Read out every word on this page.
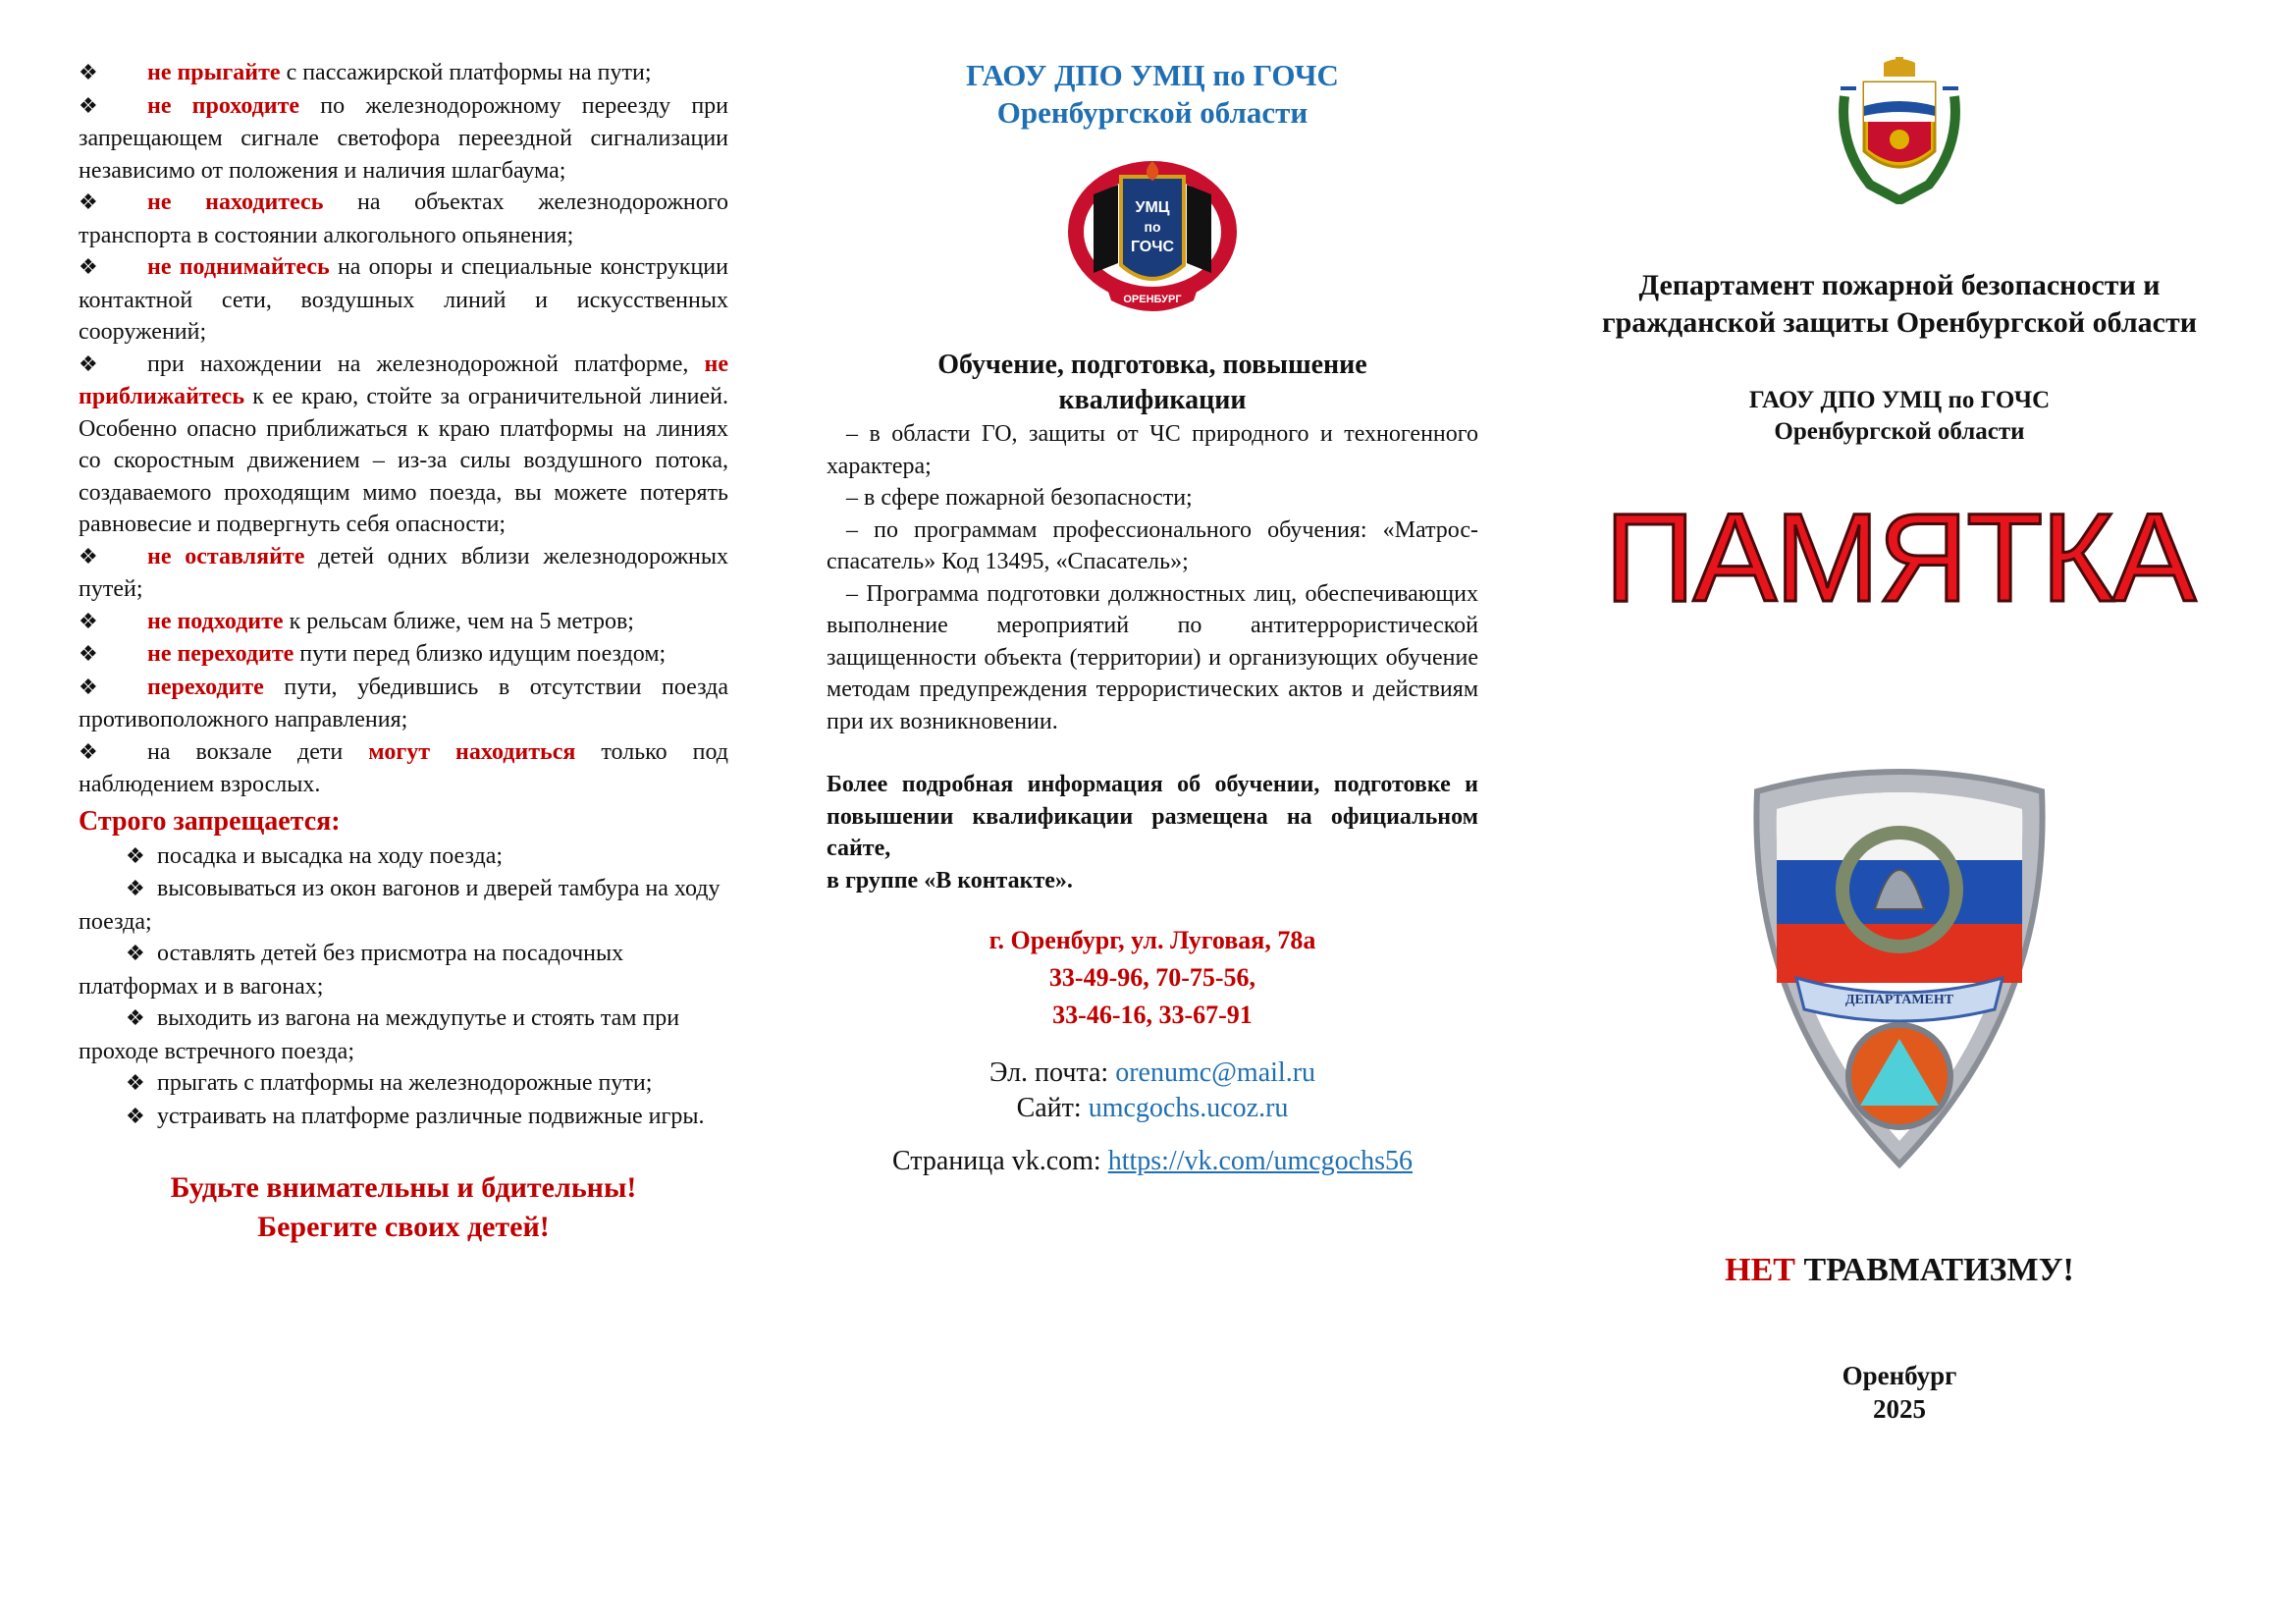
❖ не прыгайте с пассажирской платформы на пути;

❖ не проходите по железнодорожному переезду при запрещающем сигнале светофора переездной сигнализации независимо от положения и наличия шлагбаума;

❖ не находитесь на объектах железнодорожного транспорта в состоянии алкогольного опьянения;

❖ не поднимайтесь на опоры и специальные конструкции контактной сети, воздушных линий и искусственных сооружений;

❖ при нахождении на железнодорожной платформе, не приближайтесь к ее краю, стойте за ограничительной линией. Особенно опасно приближаться к краю платформы на линиях со скоростным движением – из-за силы воздушного потока, создаваемого проходящим мимо поезда, вы можете потерять равновесие и подвергнуть себя опасности;

❖ не оставляйте детей одних вблизи железнодорожных путей;

❖ не подходите к рельсам ближе, чем на 5 метров;

❖ не переходите пути перед близко идущим поездом;

❖ переходите пути, убедившись в отсутствии поезда противоположного направления;

❖ на вокзале дети могут находиться только под наблюдением взрослых.

Строго запрещается:

❖ посадка и высадка на ходу поезда;

❖ высовываться из окон вагонов и дверей тамбура на ходу поезда;

❖ оставлять детей без присмотра на посадочных платформах и в вагонах;

❖ выходить из вагона на междупутье и стоять там при проходе встречного поезда;

❖ прыгать с платформы на железнодорожные пути;

❖ устраивать на платформе различные подвижные игры.

Будьте внимательны и бдительны!
Берегите своих детей!
ГАОУ ДПО УМЦ по ГОЧС
Оренбургской области
УМЦ
по
ГОЧС
ОРЕНБУРГ

Обучение, подготовка, повышение квалификации

– в области ГО, защиты от ЧС природного и техногенного характера;

– в сфере пожарной безопасности;

– по программам профессионального обучения: «Матрос-спасатель» Код 13495, «Спасатель»;

– Программа подготовки должностных лиц, обеспечивающих выполнение мероприятий по антитеррористической защищенности объекта (территории) и организующих обучение методам предупреждения террористических актов и действиям при их возникновении.

Более подробная информация об обучении, подготовке и повышении квалификации размещена на официальном сайте,
в группе «В контакте».

г. Оренбург, ул. Луговая, 78а
33-49-96, 70-75-56,
33-46-16, 33-67-91
Эл. почта: orenumc@mail.ru
Сайт: umcgochs.ucoz.ru
Страница vk.com: https://vk.com/umcgochs56

Департамент пожарной безопасности и гражданской защиты Оренбургской области

ГАОУ ДПО УМЦ по ГОЧС
Оренбургской области
ПАМЯТКА
ДЕПАРТАМЕНТ

НЕТ ТРАВМАТИЗМУ!

Оренбург
2025
